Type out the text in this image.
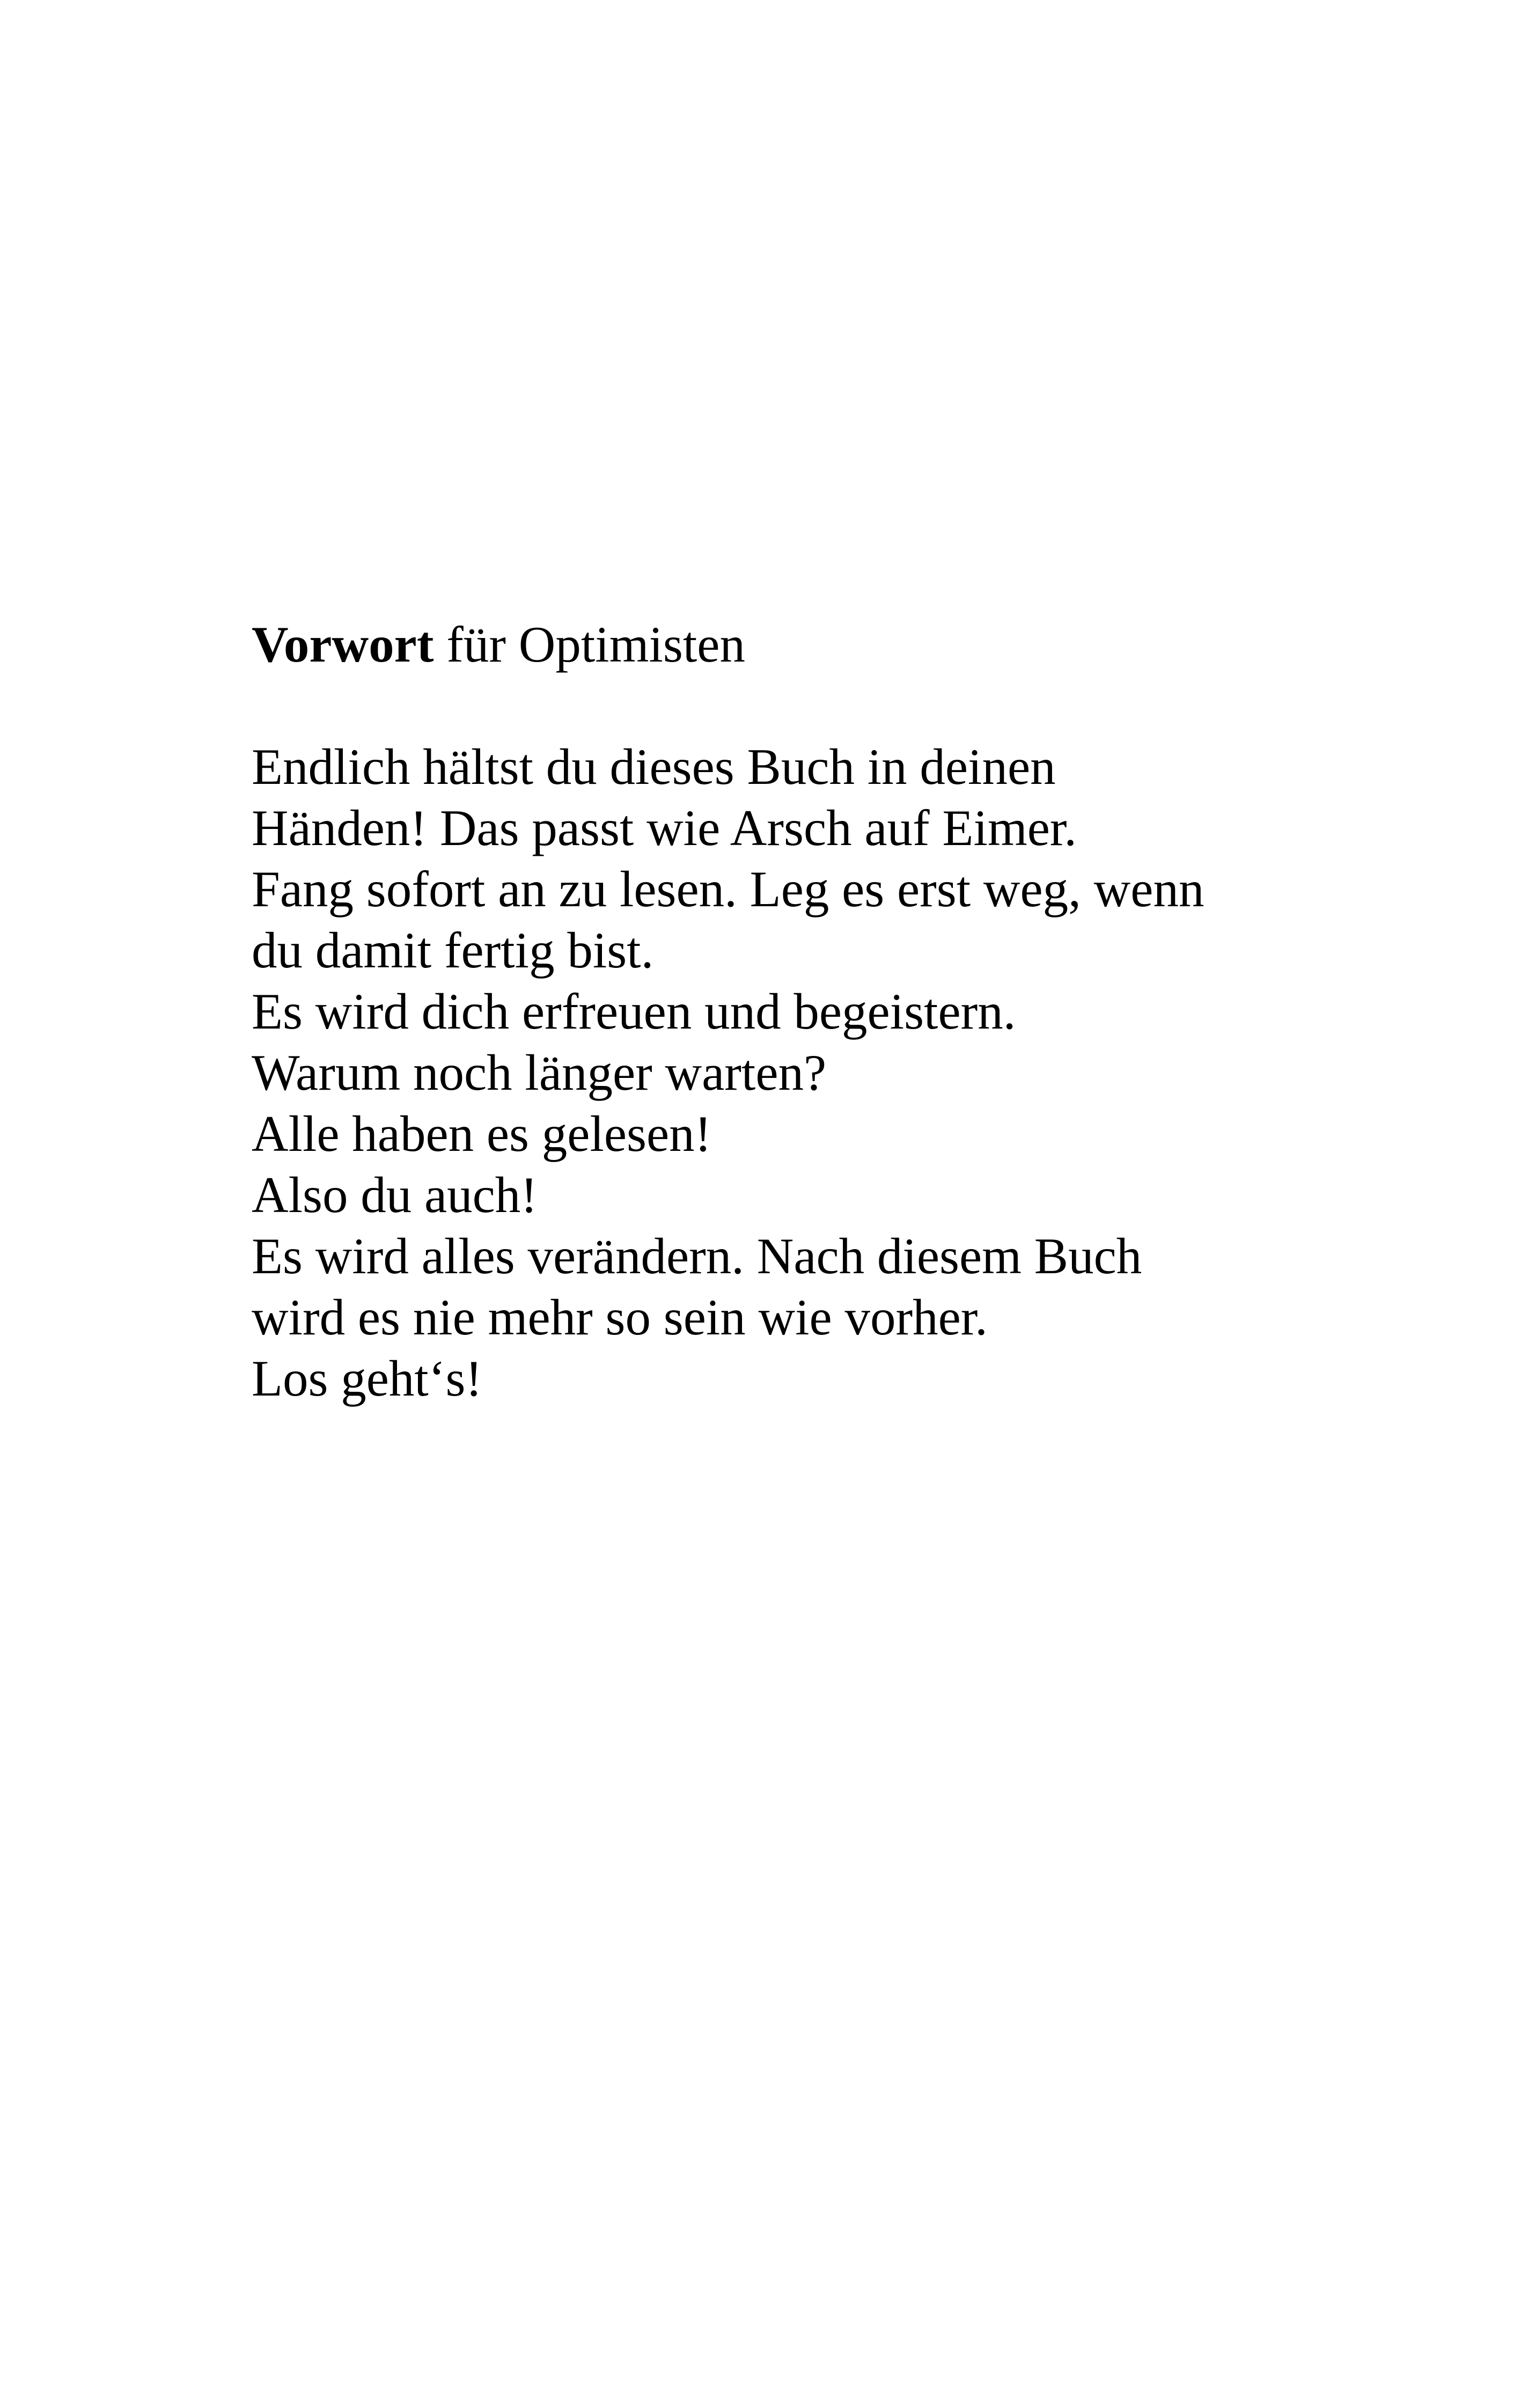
Vorwort für Optimisten
Endlich hältst du dieses Buch in deinen
Händen! Das passt wie Arsch auf Eimer.
Fang sofort an zu lesen. Leg es erst weg, wenn
du damit fertig bist.
Es wird dich erfreuen und begeistern.
Warum noch länger warten?
Alle haben es gelesen!
Also du auch!
Es wird alles verändern. Nach diesem Buch
wird es nie mehr so sein wie vorher.
Los geht‘s!
